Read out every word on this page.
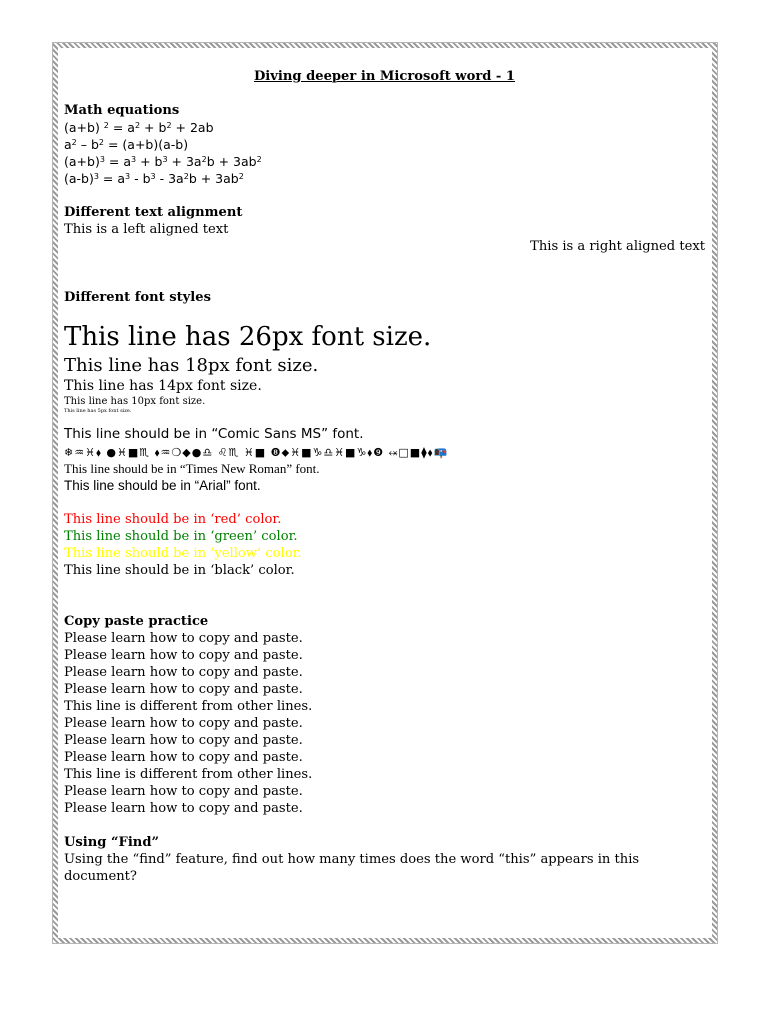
Diving deeper in Microsoft word - 1

Math equations

(a+b) $^2 = a^2 + b^2 + 2ab$

$a^2 - b^2 = (a+b)(a-b)$

$(a+b)^3 = a^3 + b^3 + 3a^2b + 3ab^2$

$(a-b)^3 = a^3 - b^3 - 3a^2b + 3ab^2$

Different text alignment

This is a left aligned text

This is a right aligned text

Different font styles

This line has 26px font size.

This line has 18px font size.

This line has 14px font size.

This line has 10px font size.

This line has 5px font size.

This line should be in “Comic Sans MS” font.

❄♒♓⬧ ●♓■♏ ⬧♒❍◆●♎ ♌♏ ♓■ ❽⬥♓■♑♎♓■♑⬧❾ ⬾□■⧫⬧📭

This line should be in “Times New Roman” font.

This line should be in “Arial” font.

This line should be in ‘red’ color.

This line should be in ‘green’ color.

This line should be in ‘yellow’ color.

This line should be in ‘black’ color.

Copy paste practice

Please learn how to copy and paste.

Please learn how to copy and paste.

Please learn how to copy and paste.

Please learn how to copy and paste.

This line is different from other lines.

Please learn how to copy and paste.

Please learn how to copy and paste.

Please learn how to copy and paste.

This line is different from other lines.

Please learn how to copy and paste.

Please learn how to copy and paste.

Using “Find”

Using the “find” feature, find out how many times does the word “this” appears in this document?
